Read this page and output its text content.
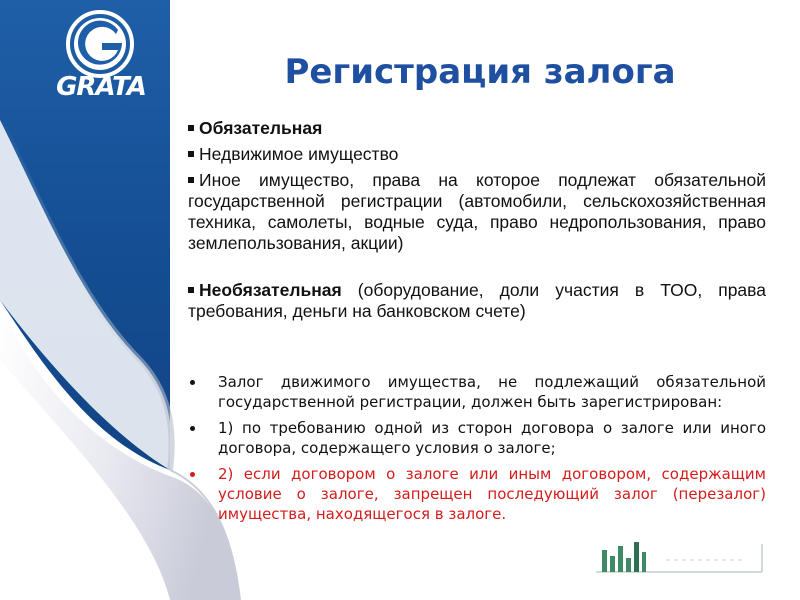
GRATA	Регистрация залога
Обязательная
Недвижимое имущество
Иное имущество, права на которое подлежат обязательной государственной регистрации (автомобили, сельскохозяйственная техника, самолеты, водные суда, право недропользования, право землепользования, акции)
Необязательная (оборудование, доли участия в ТОО, права требования, деньги на банковском счете)
Залог движимого имущества, не подлежащий обязательной государственной регистрации, должен быть зарегистрирован:
1) по требованию одной из сторон договора о залоге или иного договора, содержащего условия о залоге;
2) если договором о залоге или иным договором, содержащим условие о залоге, запрещен последующий залог (перезалог) имущества, находящегося в залоге.
